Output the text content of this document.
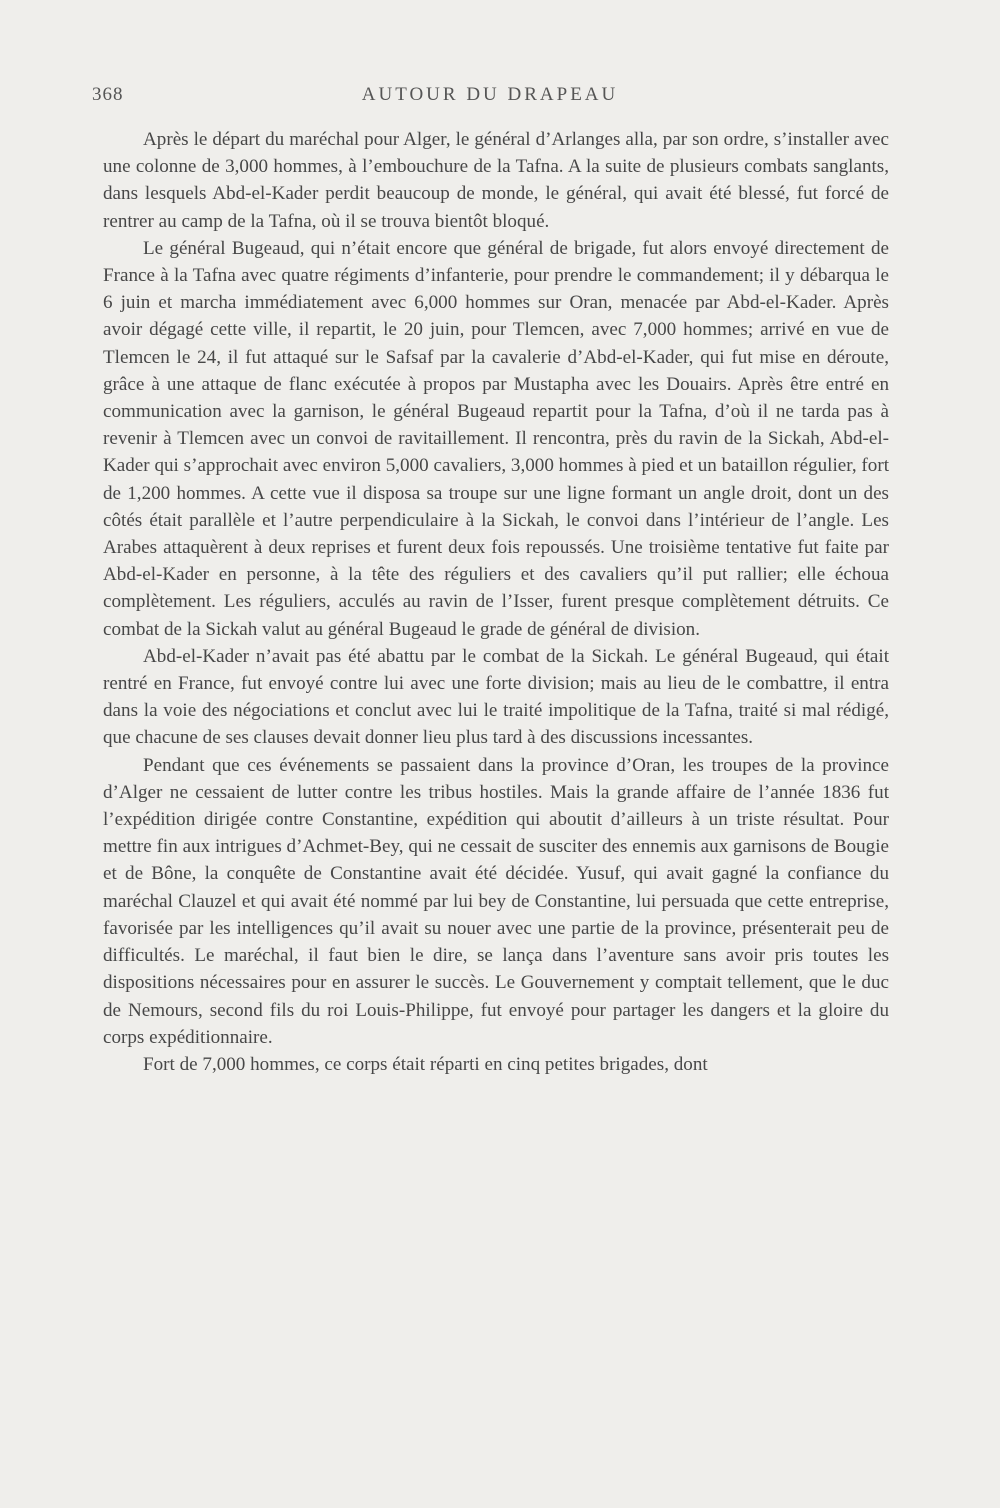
368	AUTOUR DU DRAPEAU

Après le départ du maréchal pour Alger, le général d’Arlanges alla, par son ordre, s’installer avec une colonne de 3,000 hommes, à l’embouchure de la Tafna. A la suite de plusieurs combats sanglants, dans lesquels Abd-el-Kader perdit beaucoup de monde, le général, qui avait été blessé, fut forcé de rentrer au camp de la Tafna, où il se trouva bientôt bloqué.

Le général Bugeaud, qui n’était encore que général de brigade, fut alors envoyé directement de France à la Tafna avec quatre régiments d’infanterie, pour prendre le commandement; il y débarqua le 6 juin et marcha immédiatement avec 6,000 hommes sur Oran, menacée par Abd-el-Kader. Après avoir dégagé cette ville, il repartit, le 20 juin, pour Tlemcen, avec 7,000 hommes; arrivé en vue de Tlemcen le 24, il fut attaqué sur le Safsaf par la cavalerie d’Abd-el-Kader, qui fut mise en déroute, grâce à une attaque de flanc exécutée à propos par Mustapha avec les Douairs. Après être entré en communication avec la garnison, le général Bugeaud repartit pour la Tafna, d’où il ne tarda pas à revenir à Tlemcen avec un convoi de ravitaillement. Il rencontra, près du ravin de la Sickah, Abd-el-Kader qui s’approchait avec environ 5,000 cavaliers, 3,000 hommes à pied et un bataillon régulier, fort de 1,200 hommes. A cette vue il disposa sa troupe sur une ligne formant un angle droit, dont un des côtés était parallèle et l’autre perpendiculaire à la Sickah, le convoi dans l’intérieur de l’angle. Les Arabes attaquèrent à deux reprises et furent deux fois repoussés. Une troisième tentative fut faite par Abd-el-Kader en personne, à la tête des réguliers et des cavaliers qu’il put rallier; elle échoua complètement. Les réguliers, acculés au ravin de l’Isser, furent presque complètement détruits. Ce combat de la Sickah valut au général Bugeaud le grade de général de division.

Abd-el-Kader n’avait pas été abattu par le combat de la Sickah. Le général Bugeaud, qui était rentré en France, fut envoyé contre lui avec une forte division; mais au lieu de le combattre, il entra dans la voie des négociations et conclut avec lui le traité impolitique de la Tafna, traité si mal rédigé, que chacune de ses clauses devait donner lieu plus tard à des discussions incessantes.

Pendant que ces événements se passaient dans la province d’Oran, les troupes de la province d’Alger ne cessaient de lutter contre les tribus hostiles. Mais la grande affaire de l’année 1836 fut l’expédition dirigée contre Constantine, expédition qui aboutit d’ailleurs à un triste résultat. Pour mettre fin aux intrigues d’Achmet-Bey, qui ne cessait de susciter des ennemis aux garnisons de Bougie et de Bône, la conquête de Constantine avait été décidée. Yusuf, qui avait gagné la confiance du maréchal Clauzel et qui avait été nommé par lui bey de Constantine, lui persuada que cette entreprise, favorisée par les intelligences qu’il avait su nouer avec une partie de la province, présenterait peu de difficultés. Le maréchal, il faut bien le dire, se lança dans l’aventure sans avoir pris toutes les dispositions nécessaires pour en assurer le succès. Le Gouvernement y comptait tellement, que le duc de Nemours, second fils du roi Louis-Philippe, fut envoyé pour partager les dangers et la gloire du corps expéditionnaire.

Fort de 7,000 hommes, ce corps était réparti en cinq petites brigades, dont
